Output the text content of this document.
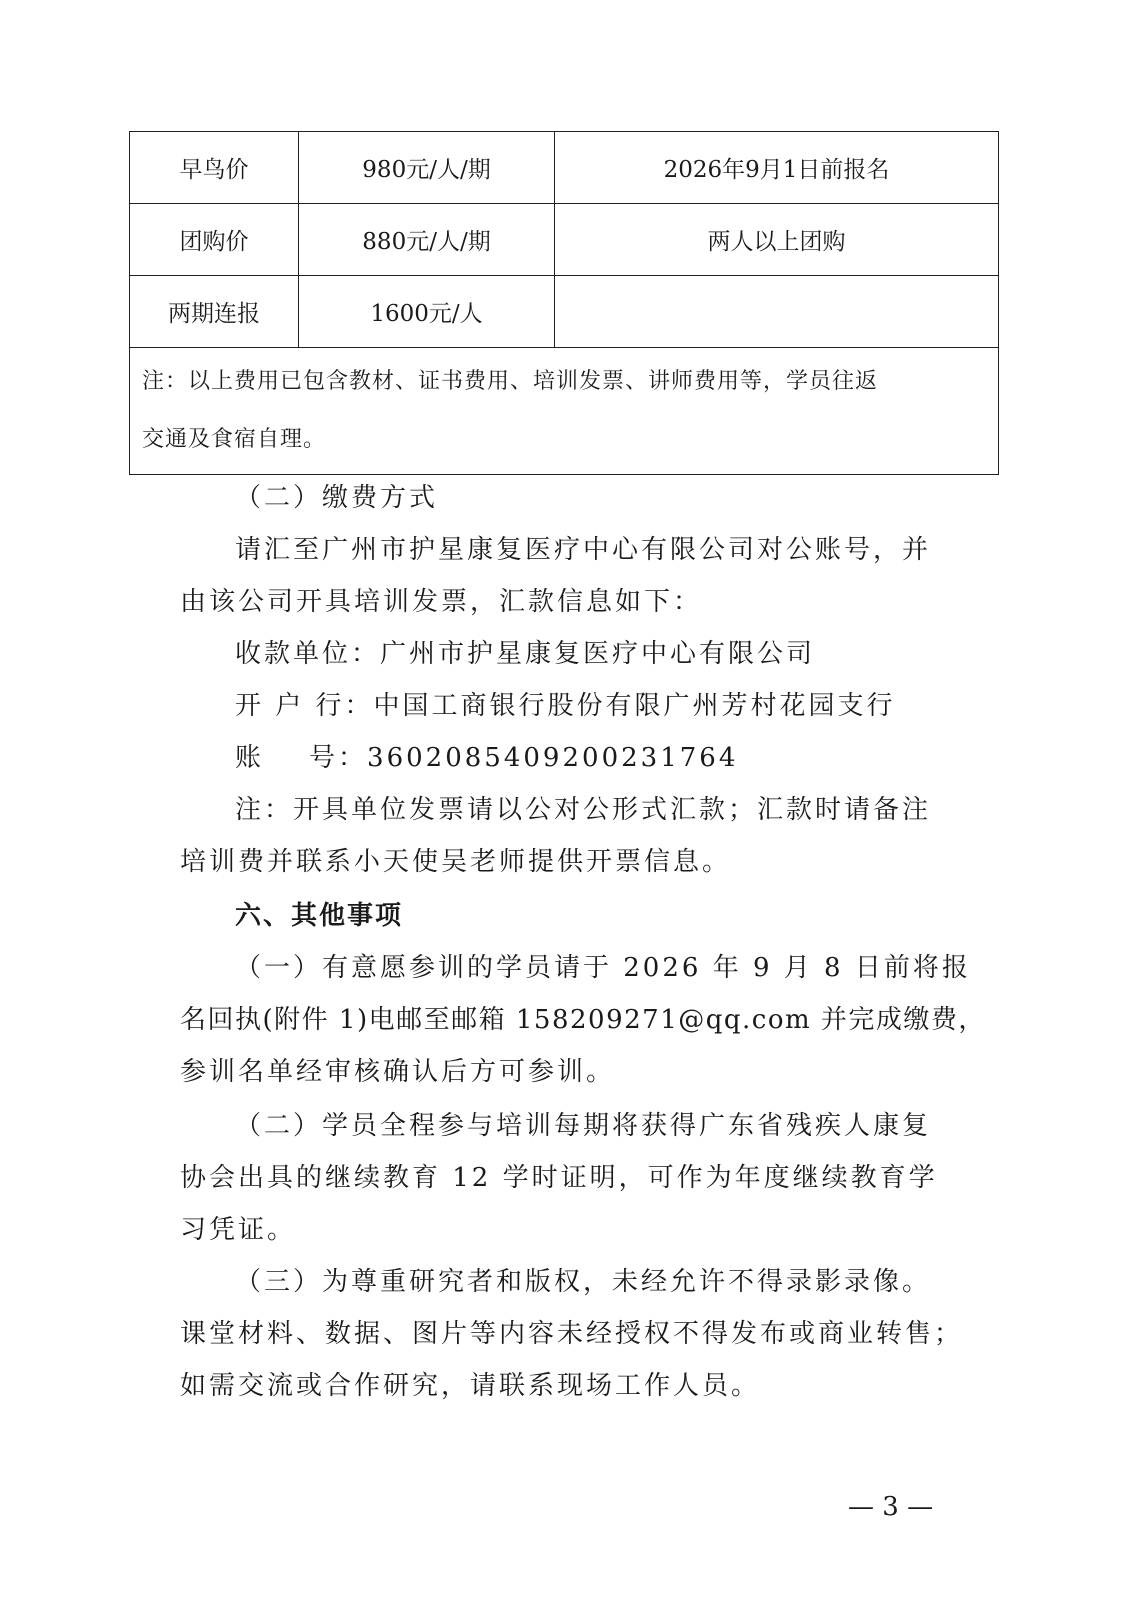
早鸟价	980元/人/期	2026年9月1日前报名
团购价	880元/人/期	两人以上团购
两期连报	1600元/人	

注：以上费用已包含教材、证书费用、培训发票、讲师费用等，学员往返
交通及食宿自理。		
（二）缴费方式
请汇至广州市护星康复医疗中心有限公司对公账号，并
由该公司开具培训发票，汇款信息如下：
收款单位：广州市护星康复医疗中心有限公司
开 户 行：中国工商银行股份有限广州芳村花园支行
账    号：3602085409200231764
注：开具单位发票请以公对公形式汇款；汇款时请备注
培训费并联系小天使吴老师提供开票信息。
六、其他事项
（一）有意愿参训的学员请于 2026 年 9 月 8 日前将报
名回执(附件 1)电邮至邮箱 158209271@qq.com 并完成缴费，
参训名单经审核确认后方可参训。
（二）学员全程参与培训每期将获得广东省残疾人康复
协会出具的继续教育 12 学时证明，可作为年度继续教育学
习凭证。
（三）为尊重研究者和版权，未经允许不得录影录像。
课堂材料、数据、图片等内容未经授权不得发布或商业转售；
如需交流或合作研究，请联系现场工作人员。
— 3 —
